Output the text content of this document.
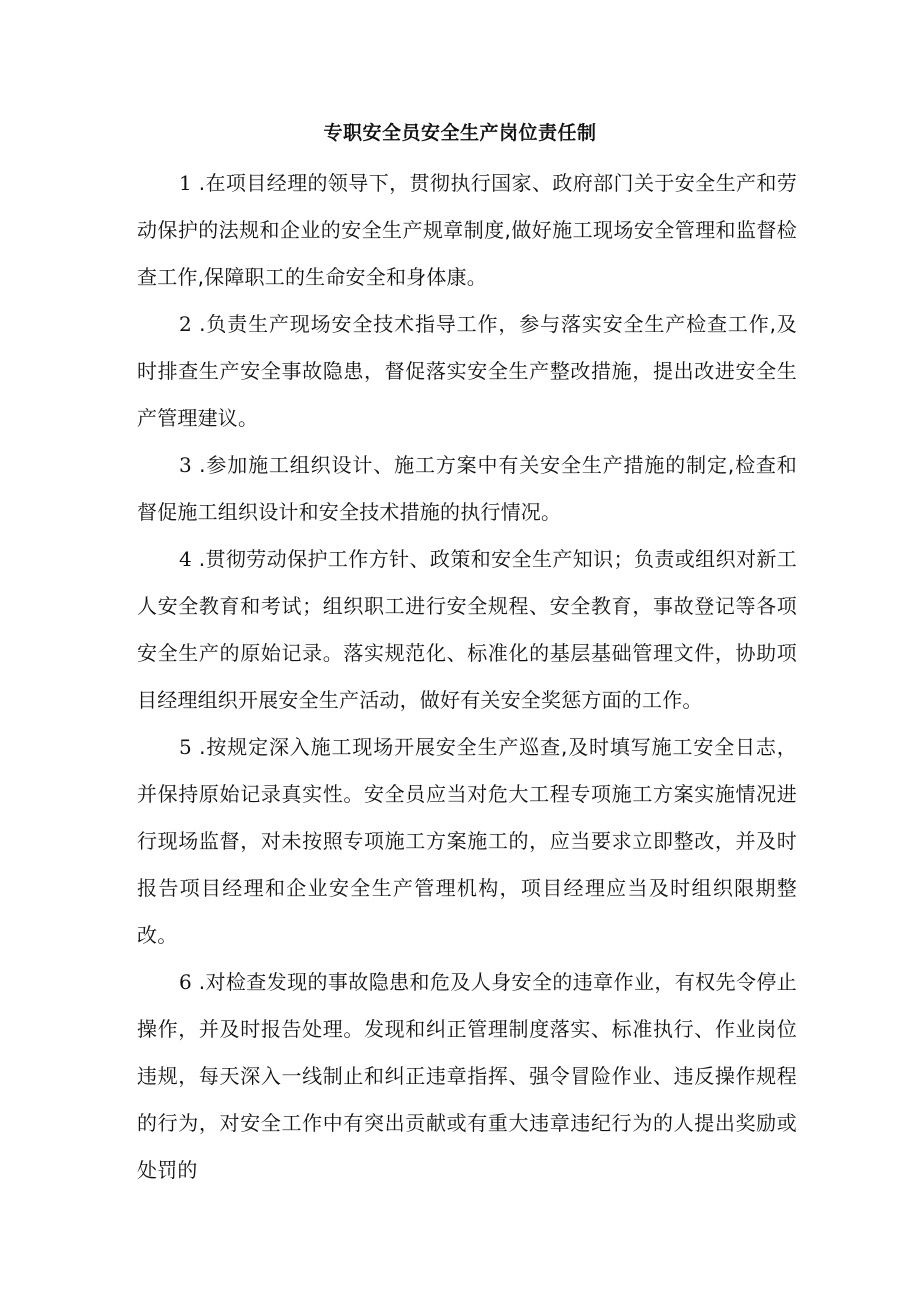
专职安全员安全生产岗位责任制

1 .在项目经理的领导下，贯彻执行国家、政府部门关于安全生产和劳动保护的法规和企业的安全生产规章制度,做好施工现场安全管理和监督检查工作,保障职工的生命安全和身体康。

2 .负责生产现场安全技术指导工作，参与落实安全生产检查工作,及时排查生产安全事故隐患，督促落实安全生产整改措施，提出改进安全生产管理建议。

3 .参加施工组织设计、施工方案中有关安全生产措施的制定,检查和督促施工组织设计和安全技术措施的执行情况。

4 .贯彻劳动保护工作方针、政策和安全生产知识；负责或组织对新工人安全教育和考试；组织职工进行安全规程、安全教育，事故登记等各项安全生产的原始记录。落实规范化、标准化的基层基础管理文件，协助项目经理组织开展安全生产活动，做好有关安全奖惩方面的工作。

5 .按规定深入施工现场开展安全生产巡查,及时填写施工安全日志，并保持原始记录真实性。安全员应当对危大工程专项施工方案实施情况进行现场监督，对未按照专项施工方案施工的，应当要求立即整改，并及时报告项目经理和企业安全生产管理机构，项目经理应当及时组织限期整改。

6 .对检查发现的事故隐患和危及人身安全的违章作业，有权先令停止操作，并及时报告处理。发现和纠正管理制度落实、标准执行、作业岗位违规，每天深入一线制止和纠正违章指挥、强令冒险作业、违反操作规程的行为，对安全工作中有突出贡献或有重大违章违纪行为的人提出奖励或处罚的
